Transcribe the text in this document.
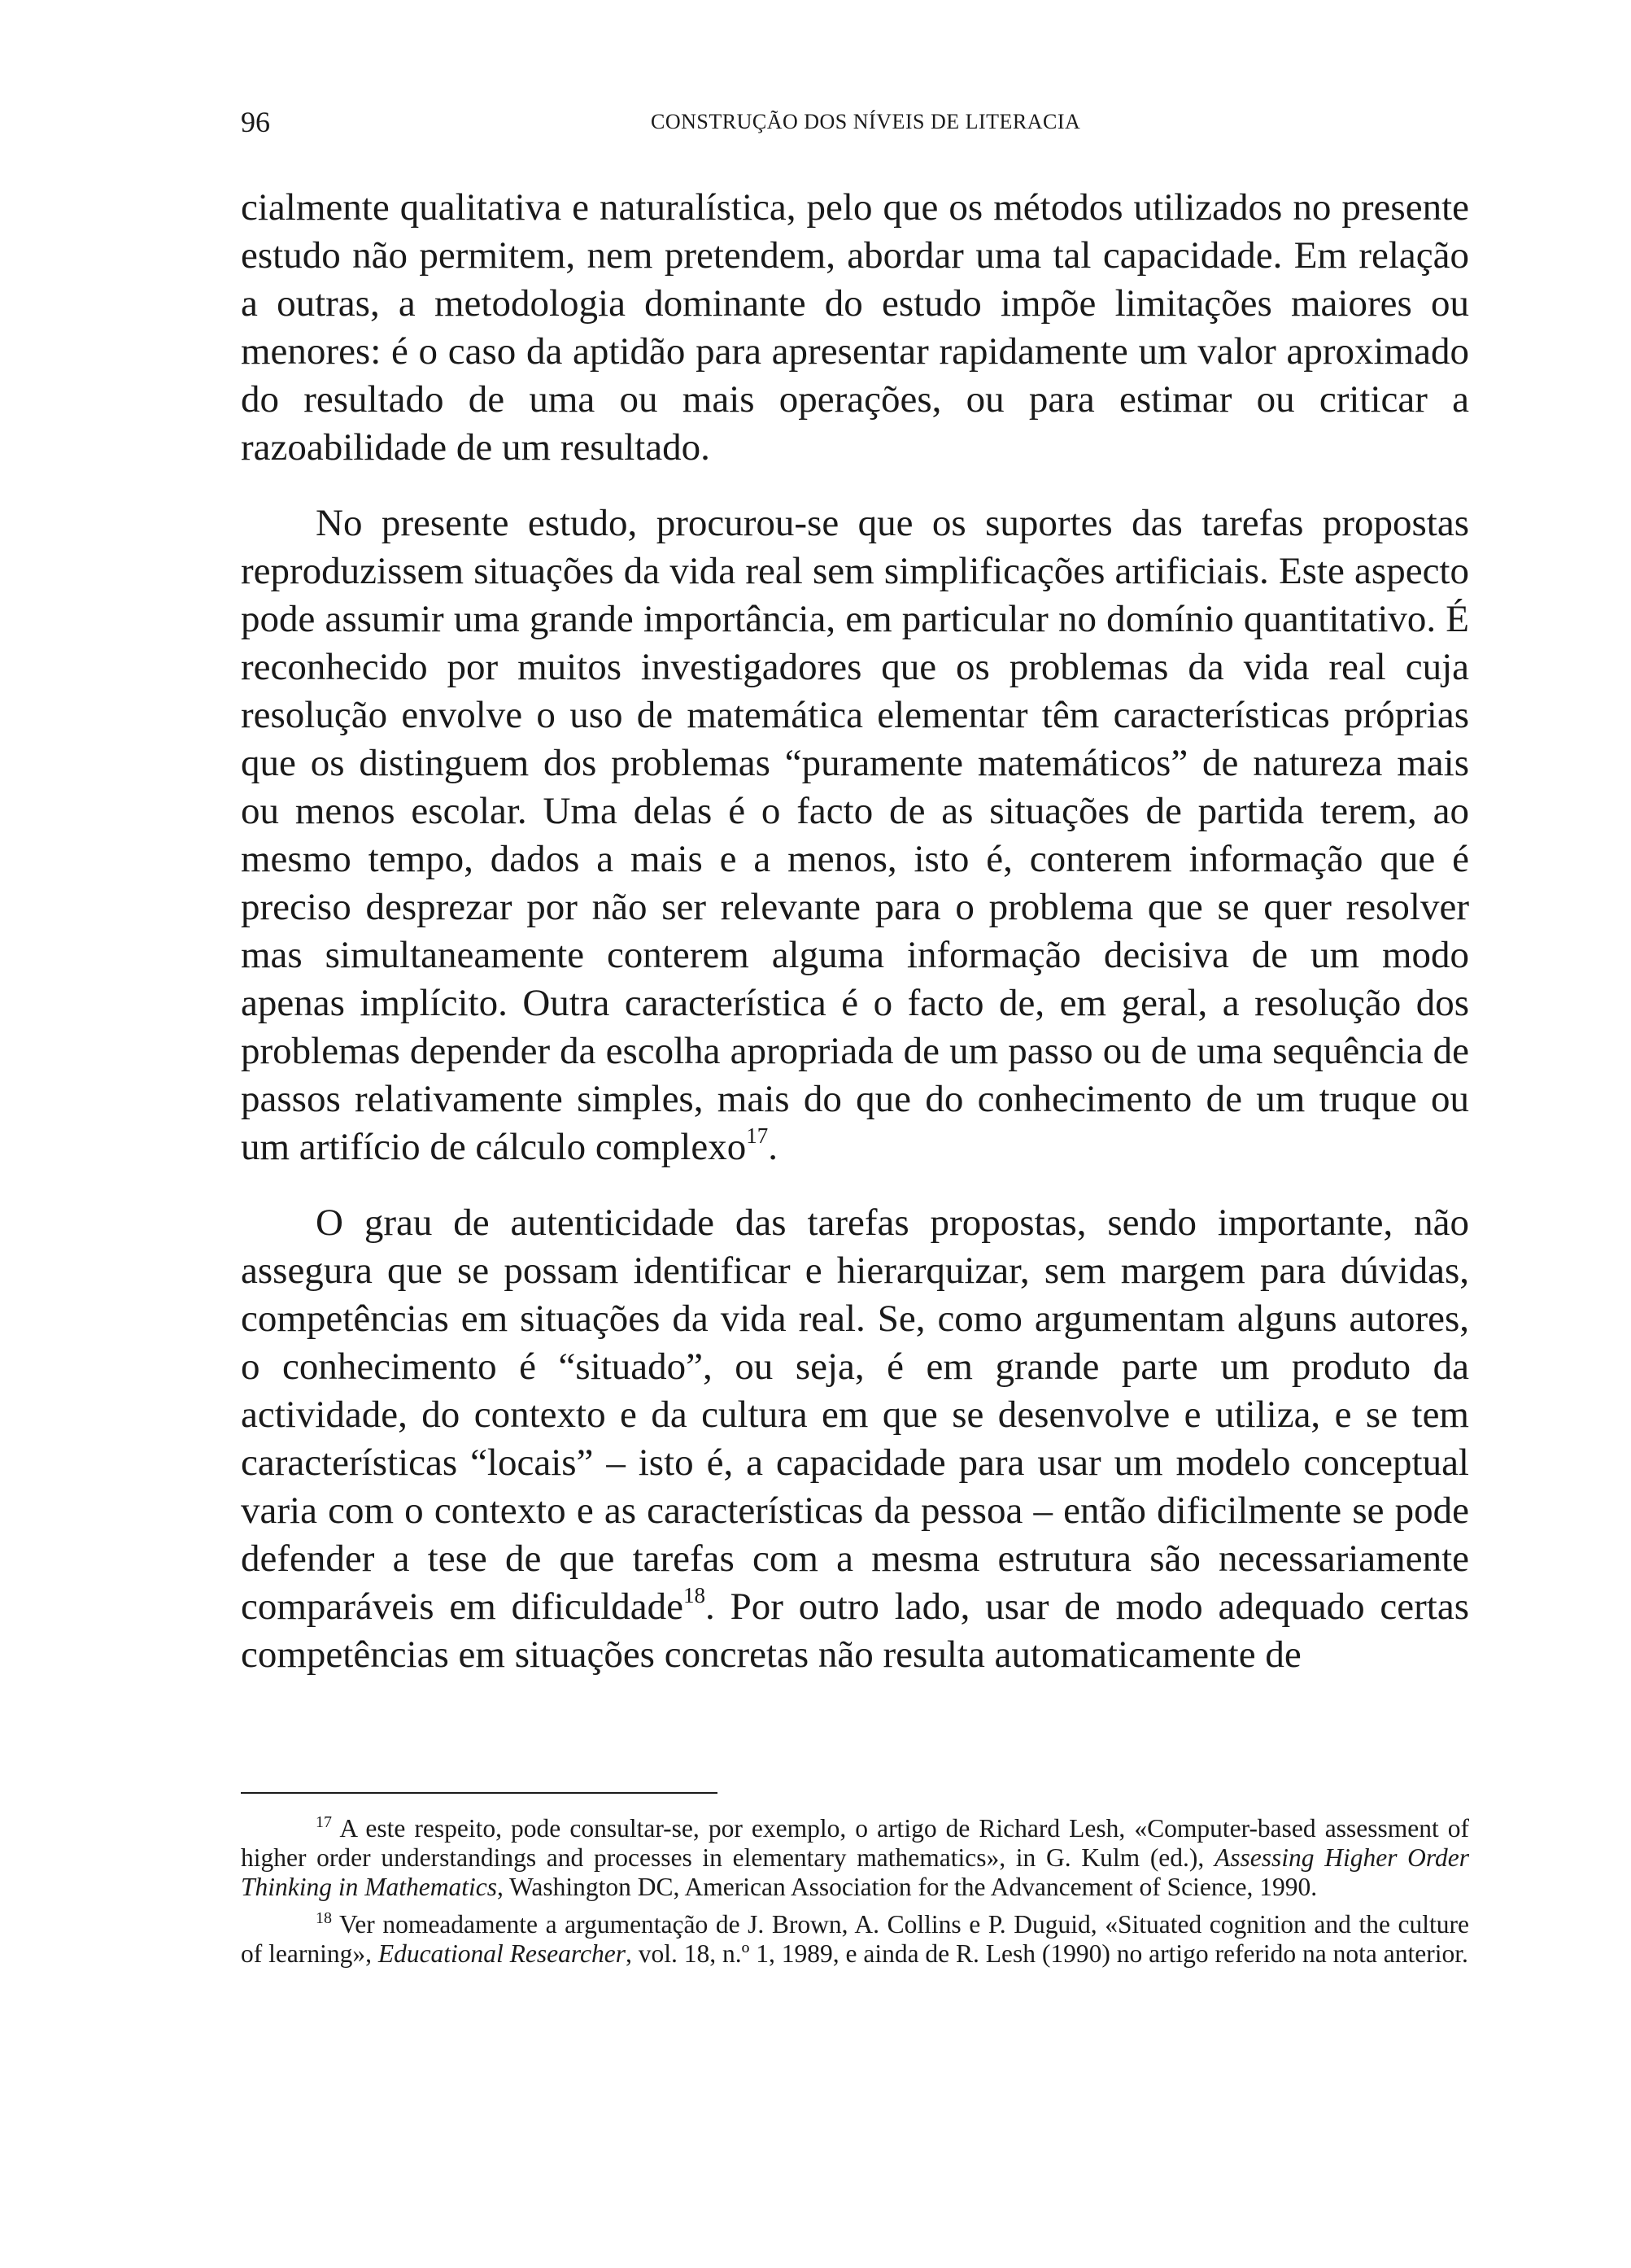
96	CONSTRUÇÃO DOS NÍVEIS DE LITERACIA

cialmente qualitativa e naturalística, pelo que os métodos utilizados no presente estudo não permitem, nem pretendem, abordar uma tal capacidade. Em relação a outras, a metodologia dominante do estudo impõe limitações maiores ou menores: é o caso da aptidão para apresentar rapidamente um valor aproximado do resultado de uma ou mais operações, ou para estimar ou criticar a razoabilidade de um resultado.

No presente estudo, procurou-se que os suportes das tarefas propostas reproduzissem situações da vida real sem simplificações artificiais. Este aspecto pode assumir uma grande importância, em particular no domínio quantitativo. É reconhecido por muitos investigadores que os problemas da vida real cuja resolução envolve o uso de matemática elementar têm características próprias que os distinguem dos problemas “puramente matemáticos” de natureza mais ou menos escolar. Uma delas é o facto de as situações de partida terem, ao mesmo tempo, dados a mais e a menos, isto é, conterem informação que é preciso desprezar por não ser relevante para o problema que se quer resolver mas simultaneamente conterem alguma informação decisiva de um modo apenas implícito. Outra característica é o facto de, em geral, a resolução dos problemas depender da escolha apropriada de um passo ou de uma sequência de passos relativamente simples, mais do que do conhecimento de um truque ou um artifício de cálculo complexo$^{17}$.

O grau de autenticidade das tarefas propostas, sendo importante, não assegura que se possam identificar e hierarquizar, sem margem para dúvidas, competências em situações da vida real. Se, como argumentam alguns autores, o conhecimento é “situado”, ou seja, é em grande parte um produto da actividade, do contexto e da cultura em que se desenvolve e utiliza, e se tem características “locais” – isto é, a capacidade para usar um modelo conceptual varia com o contexto e as características da pessoa – então dificilmente se pode defender a tese de que tarefas com a mesma estrutura são necessariamente comparáveis em dificuldade$^{18}$. Por outro lado, usar de modo adequado certas competências em situações concretas não resulta automaticamente de

$^{17}$ A este respeito, pode consultar-se, por exemplo, o artigo de Richard Lesh, «Computer-based assessment of higher order understandings and processes in elementary mathematics», in G. Kulm (ed.), Assessing Higher Order Thinking in Mathematics, Washington DC, American Association for the Advancement of Science, 1990.

$^{18}$ Ver nomeadamente a argumentação de J. Brown, A. Collins e P. Duguid, «Situated cognition and the culture of learning», Educational Researcher, vol. 18, n.º 1, 1989, e ainda de R. Lesh (1990) no artigo referido na nota anterior.
